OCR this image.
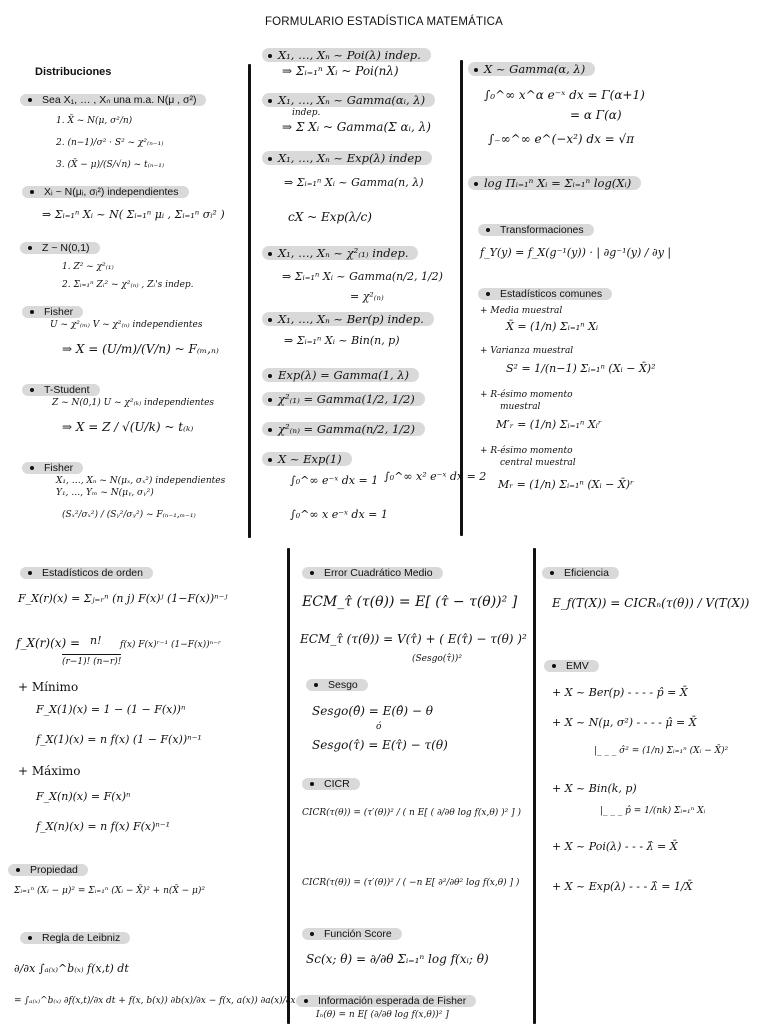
FORMULARIO ESTADÍSTICA MATEMÁTICA
Distribuciones
Sea X₁, … , Xₙ una m.a. N(μ , σ²)
1. X̄ ~ N(μ, σ²/n)
2. (n−1)/σ² · S² ~ χ²₍ₙ₋₁₎
3. (X̄ − μ)/(S/√n) ~ t₍ₙ₋₁₎
Xᵢ ~ N(μᵢ, σᵢ²) independientes
⇒ Σᵢ₌₁ⁿ Xᵢ ~ N( Σᵢ₌₁ⁿ μᵢ , Σᵢ₌₁ⁿ σᵢ² )
Z ~ N(0,1)
1. Z² ~ χ²₍₁₎
2. Σᵢ₌₁ⁿ Zᵢ² ~ χ²₍ₙ₎ , Zᵢ's indep.
Fisher
U ~ χ²₍ₘ₎ V ~ χ²₍ₙ₎ independientes
⇒ X = (U/m)/(V/n) ~ F₍ₘ,ₙ₎
T-Student
Z ~ N(0,1) U ~ χ²₍ₖ₎ independientes
⇒ X = Z / √(U/k) ~ t₍ₖ₎
Fisher
X₁, …, Xₙ ~ N(μₓ, σₓ²) independientes
Y₁, …, Yₘ ~ N(μᵧ, σᵧ²)
(Sₓ²/σₓ²) / (Sᵧ²/σᵧ²) ~ F₍ₙ₋₁,ₘ₋₁₎
X₁, …, Xₙ ~ Poi(λ) indep.
⇒ Σᵢ₌₁ⁿ Xᵢ ~ Poi(nλ)
X₁, …, Xₙ ~ Gamma(αᵢ, λ)
indep.
⇒ Σ Xᵢ ~ Gamma(Σ αᵢ, λ)
X₁, …, Xₙ ~ Exp(λ) indep
⇒ Σᵢ₌₁ⁿ Xᵢ ~ Gamma(n, λ)
cX ~ Exp(λ/c)
X₁, …, Xₙ ~ χ²₍₁₎ indep.
⇒ Σᵢ₌₁ⁿ Xᵢ ~ Gamma(n/2, 1/2)
= χ²₍ₙ₎
X₁, …, Xₙ ~ Ber(p) indep.
⇒ Σᵢ₌₁ⁿ Xᵢ ~ Bin(n, p)
Exp(λ) = Gamma(1, λ)
χ²₍₁₎ = Gamma(1/2, 1/2)
χ²₍ₙ₎ = Gamma(n/2, 1/2)
X ~ Exp(1)
∫₀^∞ e⁻ˣ dx = 1 ∫₀^∞ x² e⁻ˣ dx = 2
∫₀^∞ x e⁻ˣ dx = 1
X ~ Gamma(α, λ)
∫₀^∞ x^α e⁻ˣ dx = Γ(α+1)
= α Γ(α)
∫₋∞^∞ e^(−x²) dx = √π
log Πᵢ₌₁ⁿ Xᵢ = Σᵢ₌₁ⁿ log(Xᵢ)
Transformaciones
f_Y(y) = f_X(g⁻¹(y)) · | ∂g⁻¹(y) / ∂y |
Estadísticos comunes
+ Media muestral
X̄ = (1/n) Σᵢ₌₁ⁿ Xᵢ
+ Varianza muestral
S² = 1/(n−1) Σᵢ₌₁ⁿ (Xᵢ − X̄)²
+ R-ésimo momento
muestral
M′ᵣ = (1/n) Σᵢ₌₁ⁿ Xᵢʳ
+ R-ésimo momento
central muestral
Mᵣ = (1/n) Σᵢ₌₁ⁿ (Xᵢ − X̄)ʳ
Estadísticos de orden
F_X(r)(x) = Σⱼ₌ᵣⁿ (n j) F(x)ʲ (1−F(x))ⁿ⁻ʲ
f_X(r)(x) = n!
(r−1)! (n−r)!
f(x) F(x)ʳ⁻¹ (1−F(x))ⁿ⁻ʳ
+ Mínimo
F_X(1)(x) = 1 − (1 − F(x))ⁿ
f_X(1)(x) = n f(x) (1 − F(x))ⁿ⁻¹
+ Máximo
F_X(n)(x) = F(x)ⁿ
f_X(n)(x) = n f(x) F(x)ⁿ⁻¹
Propiedad
Σᵢ₌₁ⁿ (Xᵢ − μ)² = Σᵢ₌₁ⁿ (Xᵢ − X̄)² + n(X̄ − μ)²
Regla de Leibniz
∂/∂x ∫ₐ₍ₓ₎^b₍ₓ₎ f(x,t) dt
= ∫ₐ₍ₓ₎^b₍ₓ₎ ∂f(x,t)/∂x dt + f(x, b(x)) ∂b(x)/∂x − f(x, a(x)) ∂a(x)/∂x
Error Cuadrático Medio
ECM_τ̂ (τ(θ)) = E[ (τ̂ − τ(θ))² ]
ECM_τ̂ (τ(θ)) = V(τ̂) + ( E(τ̂) − τ(θ) )²
(Sesgo(τ̂))²
Sesgo
Sesgo(θ̂) = E(θ̂) − θ
ó
Sesgo(τ̂) = E(τ̂) − τ(θ)
CICR
CICR(τ(θ)) = (τ′(θ))² / ( n E[ ( ∂/∂θ log f(x,θ) )² ] )
CICR(τ(θ)) = (τ′(θ))² / ( −n E[ ∂²/∂θ² log f(x,θ) ] )
Función Score
Sc(x; θ) = ∂/∂θ Σᵢ₌₁ⁿ log f(xᵢ; θ)
Información esperada de Fisher
Iₙ(θ) = n E[ (∂/∂θ log f(x,θ))² ]
Eficiencia
E_f(T(X)) = CICRₙ(τ(θ)) / V(T(X))
EMV
+ X ~ Ber(p) - - - - p̂ = X̄
+ X ~ N(μ, σ²) - - - - μ̂ = X̄
|_ _ _ σ̂² = (1/n) Σᵢ₌₁ⁿ (Xᵢ − X̄)²
+ X ~ Bin(k, p)
|_ _ _ p̂ = 1/(nk) Σᵢ₌₁ⁿ Xᵢ
+ X ~ Poi(λ) - - - λ̂ = X̄
+ X ~ Exp(λ) - - - λ̂ = 1/X̄
